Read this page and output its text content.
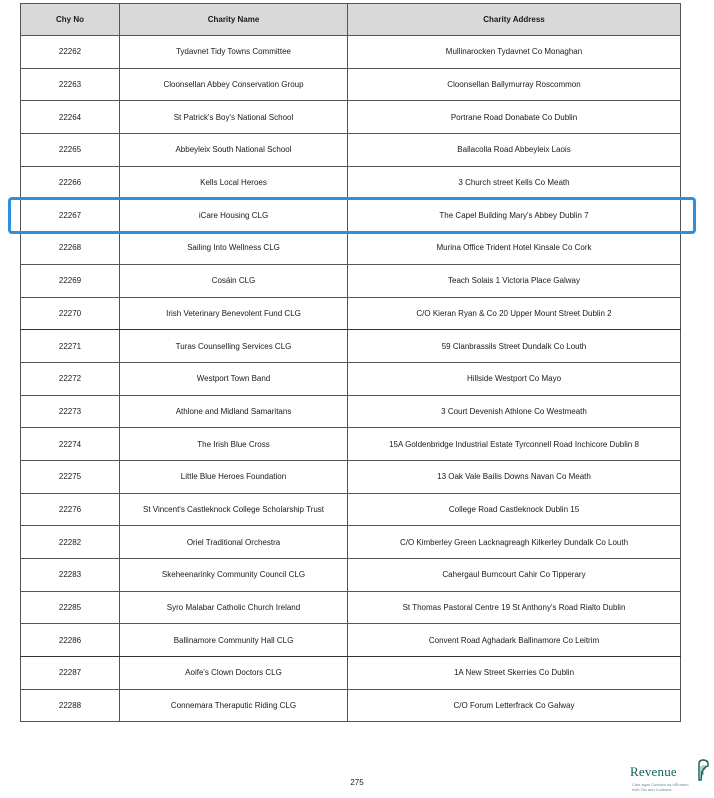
Chy No	Charity Name	Charity Address
22262	Tydavnet Tidy Towns Committee	Mullinarocken Tydavnet Co Monaghan
22263	Cloonsellan Abbey Conservation Group	Cloonsellan Ballymurray Roscommon
22264	St Patrick's Boy's National School	Portrane Road Donabate Co Dublin
22265	Abbeyleix South National School	Ballacolla Road Abbeyleix Laois
22266	Kells Local Heroes	3 Church street Kells Co Meath
22267	iCare Housing CLG	The Capel Building Mary's Abbey Dublin 7
22268	Sailing Into Wellness CLG	Murina Office Trident Hotel Kinsale Co Cork
22269	Cosáin CLG	Teach Solais 1 Victoria Place Galway
22270	Irish Veterinary Benevolent Fund CLG	C/O Kieran Ryan & Co 20 Upper Mount Street Dublin 2
22271	Turas Counselling Services CLG	59 Clanbrassils Street Dundalk Co Louth
22272	Westport Town Band	Hillside Westport Co Mayo
22273	Athlone and Midland Samaritans	3 Court Devenish Athlone Co Westmeath
22274	The Irish Blue Cross	15A Goldenbridge Industrial Estate Tyrconnell Road Inchicore Dublin 8
22275	Little Blue Heroes Foundation	13 Oak Vale Bailis Downs Navan Co Meath
22276	St Vincent's Castleknock College Scholarship Trust	College Road Castleknock Dublin 15
22282	Oriel Traditional Orchestra	C/O Kimberley Green Lacknagreagh Kilkerley Dundalk Co Louth
22283	Skeheenarinky Community Council CLG	Cahergaul Burncourt Cahir Co Tipperary
22285	Syro Malabar Catholic Church Ireland	St Thomas Pastoral Centre 19 St Anthony's Road Rialto Dublin
22286	Ballinamore Community Hall CLG	Convent Road Aghadark Ballinamore Co Leitrim
22287	Aoife's Clown Doctors CLG	1A New Street Skerries Co Dublin
22288	Connemara Theraputic Riding CLG	C/O Forum Letterfrack Co Galway
275
Revenue
Cáin agus Custaim na hÉireann
Irish Tax and Customs
